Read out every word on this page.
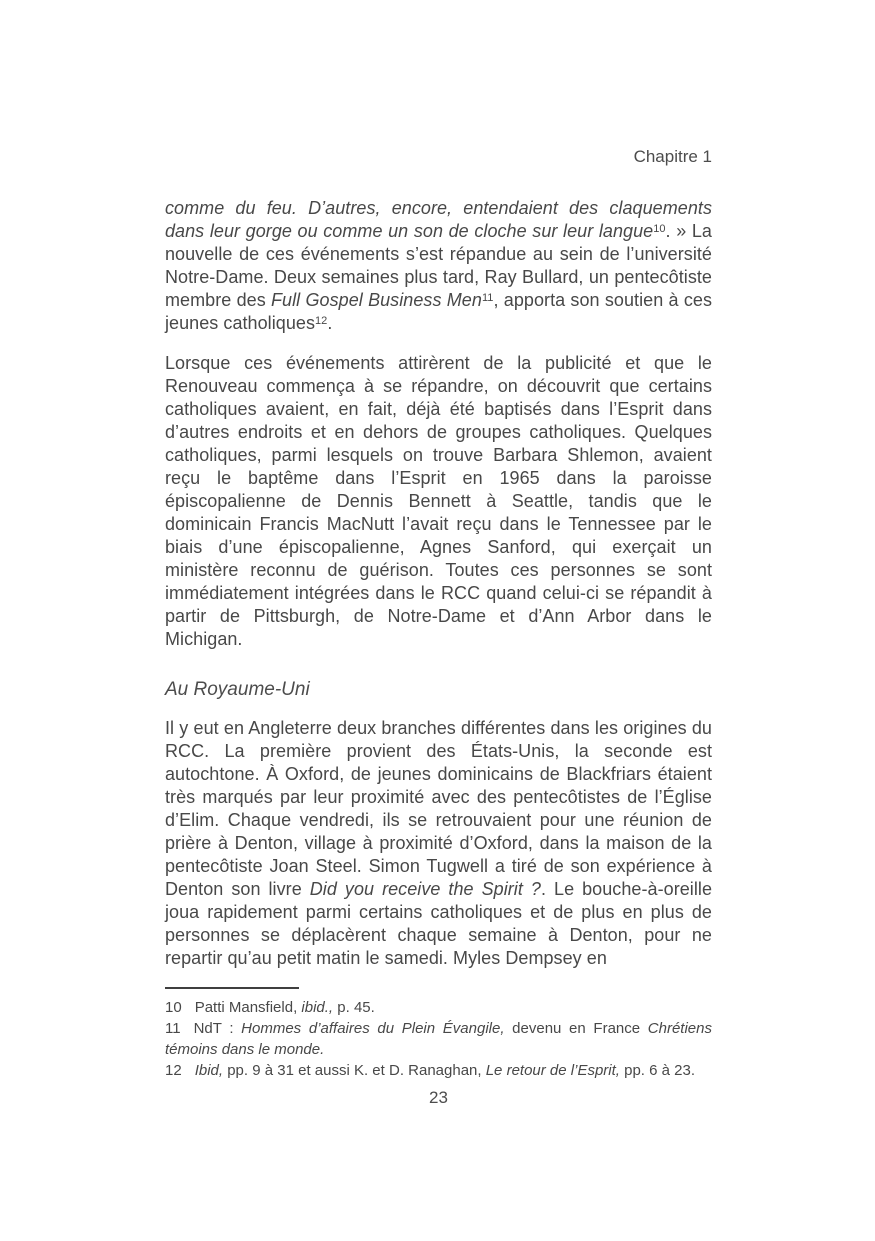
Chapitre 1

comme du feu. D’autres, encore, entendaient des claquements dans leur gorge ou comme un son de cloche sur leur langue$^{10}$. » La nouvelle de ces événements s’est répandue au sein de l’université Notre-Dame. Deux semaines plus tard, Ray Bullard, un pentecôtiste membre des Full Gospel Business Men$^{11}$, apporta son soutien à ces jeunes catholiques$^{12}$.

Lorsque ces événements attirèrent de la publicité et que le Renouveau commença à se répandre, on découvrit que certains catholiques avaient, en fait, déjà été baptisés dans l’Esprit dans d’autres endroits et en dehors de groupes catholiques. Quelques catholiques, parmi lesquels on trouve Barbara Shlemon, avaient reçu le baptême dans l’Esprit en 1965 dans la paroisse épiscopalienne de Dennis Bennett à Seattle, tandis que le dominicain Francis MacNutt l’avait reçu dans le Tennessee par le biais d’une épiscopalienne, Agnes Sanford, qui exerçait un ministère reconnu de guérison. Toutes ces personnes se sont immédiatement intégrées dans le RCC quand celui-ci se répandit à partir de Pittsburgh, de Notre-Dame et d’Ann Arbor dans le Michigan.

Au Royaume-Uni

Il y eut en Angleterre deux branches différentes dans les origines du RCC. La première provient des États-Unis, la seconde est autochtone. À Oxford, de jeunes dominicains de Blackfriars étaient très marqués par leur proximité avec des pentecôtistes de l’Église d’Elim. Chaque vendredi, ils se retrouvaient pour une réunion de prière à Denton, village à proximité d’Oxford, dans la maison de la pentecôtiste Joan Steel. Simon Tugwell a tiré de son expérience à Denton son livre Did you receive the Spirit ?. Le bouche-à-oreille joua rapidement parmi certains catholiques et de plus en plus de personnes se déplacèrent chaque semaine à Denton, pour ne repartir qu’au petit matin le samedi. Myles Dempsey en

10 Patti Mansfield, ibid., p. 45.

11 NdT : Hommes d’affaires du Plein Évangile, devenu en France Chrétiens témoins dans le monde.

12 Ibid, pp. 9 à 31 et aussi K. et D. Ranaghan, Le retour de l’Esprit, pp. 6 à 23.

23
